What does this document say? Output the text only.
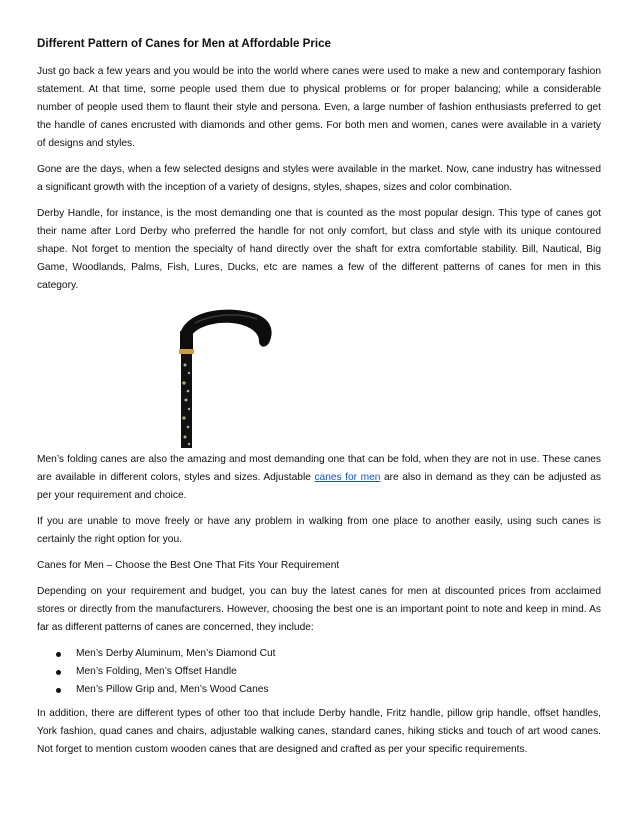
Different Pattern of Canes for Men at Affordable Price

Just go back a few years and you would be into the world where canes were used to make a new and contemporary fashion statement. At that time, some people used them due to physical problems or for proper balancing; while a considerable number of people used them to flaunt their style and persona. Even, a large number of fashion enthusiasts preferred to get the handle of canes encrusted with diamonds and other gems. For both men and women, canes were available in a variety of designs and styles.

Gone are the days, when a few selected designs and styles were available in the market. Now, cane industry has witnessed a significant growth with the inception of a variety of designs, styles, shapes, sizes and color combination.

Derby Handle, for instance, is the most demanding one that is counted as the most popular design. This type of canes got their name after Lord Derby who preferred the handle for not only comfort, but class and style with its unique contoured shape. Not forget to mention the specialty of hand directly over the shaft for extra comfortable stability. Bill, Nautical, Big Game, Woodlands, Palms, Fish, Lures, Ducks, etc are names a few of the different patterns of canes for men in this category.

Men’s folding canes are also the amazing and most demanding one that can be fold, when they are not in use. These canes are available in different colors, styles and sizes. Adjustable canes for men are also in demand as they can be adjusted as per your requirement and choice.

If you are unable to move freely or have any problem in walking from one place to another easily, using such canes is certainly the right option for you.

Canes for Men – Choose the Best One That Fits Your Requirement

Depending on your requirement and budget, you can buy the latest canes for men at discounted prices from acclaimed stores or directly from the manufacturers. However, choosing the best one is an important point to note and keep in mind. As far as different patterns of canes are concerned, they include:

Men’s Derby Aluminum, Men’s Diamond Cut
Men’s Folding, Men’s Offset Handle
Men’s Pillow Grip and, Men’s Wood Canes

In addition, there are different types of other too that include Derby handle, Fritz handle, pillow grip handle, offset handles, York fashion, quad canes and chairs, adjustable walking canes, standard canes, hiking sticks and touch of art wood canes. Not forget to mention custom wooden canes that are designed and crafted as per your specific requirements.
